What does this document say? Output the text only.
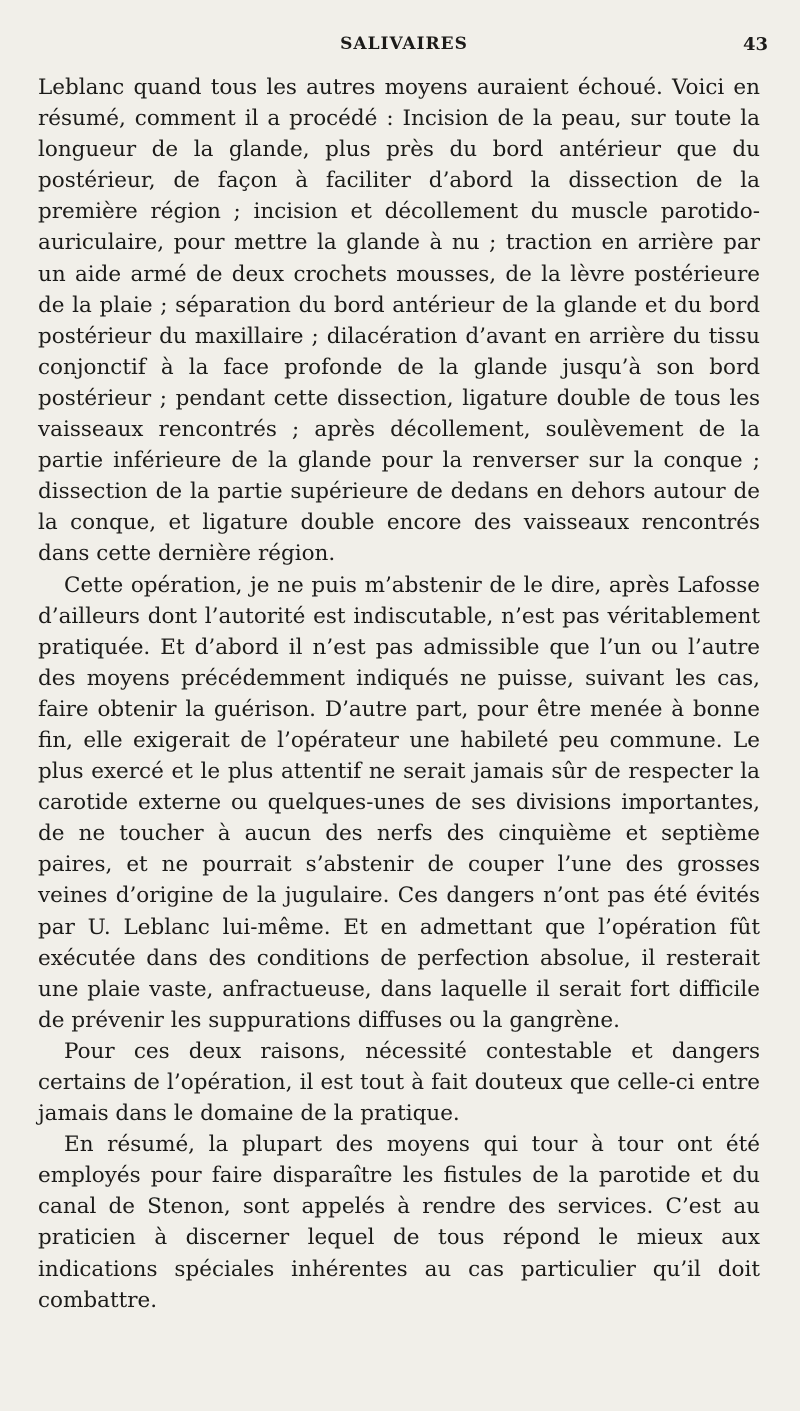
SALIVAIRES	43

Leblanc quand tous les autres moyens auraient échoué. Voici en résumé, comment il a procédé : Incision de la peau, sur toute la longueur de la glande, plus près du bord antérieur que du postérieur, de façon à faciliter d’abord la dissection de la première région ; incision et décollement du muscle parotido-auriculaire, pour mettre la glande à nu ; traction en arrière par un aide armé de deux crochets mousses, de la lèvre postérieure de la plaie ; séparation du bord antérieur de la glande et du bord postérieur du maxillaire ; dilacération d’avant en arrière du tissu conjonctif à la face profonde de la glande jusqu’à son bord postérieur ; pendant cette dissection, ligature double de tous les vaisseaux rencontrés ; après décollement, soulèvement de la partie inférieure de la glande pour la renverser sur la conque ; dissection de la partie supérieure de dedans en dehors autour de la conque, et ligature double encore des vaisseaux rencontrés dans cette dernière région.

Cette opération, je ne puis m’abstenir de le dire, après Lafosse d’ailleurs dont l’autorité est indiscutable, n’est pas véritablement pratiquée. Et d’abord il n’est pas admissible que l’un ou l’autre des moyens précédemment indiqués ne puisse, suivant les cas, faire obtenir la guérison. D’autre part, pour être menée à bonne fin, elle exigerait de l’opérateur une habileté peu commune. Le plus exercé et le plus attentif ne serait jamais sûr de respecter la carotide externe ou quelques-unes de ses divisions importantes, de ne toucher à aucun des nerfs des cinquième et septième paires, et ne pourrait s’abstenir de couper l’une des grosses veines d’origine de la jugulaire. Ces dangers n’ont pas été évités par U. Leblanc lui-même. Et en admettant que l’opération fût exécutée dans des conditions de perfection absolue, il resterait une plaie vaste, anfractueuse, dans laquelle il serait fort difficile de prévenir les suppurations diffuses ou la gangrène.

Pour ces deux raisons, nécessité contestable et dangers certains de l’opération, il est tout à fait douteux que celle-ci entre jamais dans le domaine de la pratique.

En résumé, la plupart des moyens qui tour à tour ont été employés pour faire disparaître les fistules de la parotide et du canal de Stenon, sont appelés à rendre des services. C’est au praticien à discerner lequel de tous répond le mieux aux indications spéciales inhérentes au cas particulier qu’il doit combattre.
